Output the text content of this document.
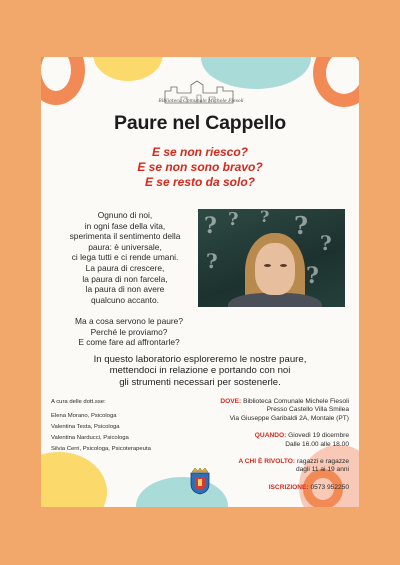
Biblioteca Comunale Michele Fiesoli
Paure nel Cappello
E se non riesco?
E se non sono bravo?
E se resto da solo?
Ognuno di noi,
in ogni fase della vita,
sperimenta il sentimento della
paura: è universale,
ci lega tutti e ci rende umani.
La paura di crescere,
la paura di non farcela,
la paura di non avere
qualcuno accanto.
? ? ?
?
?
?
?
Ma a cosa servono le paure?
Perché le proviamo?
E come fare ad affrontarle?
In questo laboratorio esploreremo le nostre paure,
mettendoci in relazione e portando con noi
gli strumenti necessari per sostenerle.
A cura delle dott.sse:
Elena Morano, Psicologa
Valentina Testa, Psicologa
Valentina Narducci, Psicologa
Silvia Cerri, Psicologa, Psicoterapeuta
DOVE: Biblioteca Comunale Michele Fiesoli
Presso Castello Villa Smilea
Via Giuseppe Garibaldi 2A, Montale (PT)
QUANDO: Giovedì 19 dicembre
Dalle 16.00 alle 18.00
A CHI È RIVOLTO: ragazzi e ragazze
dagli 11 ai 19 anni
ISCRIZIONE: 0573 952250
